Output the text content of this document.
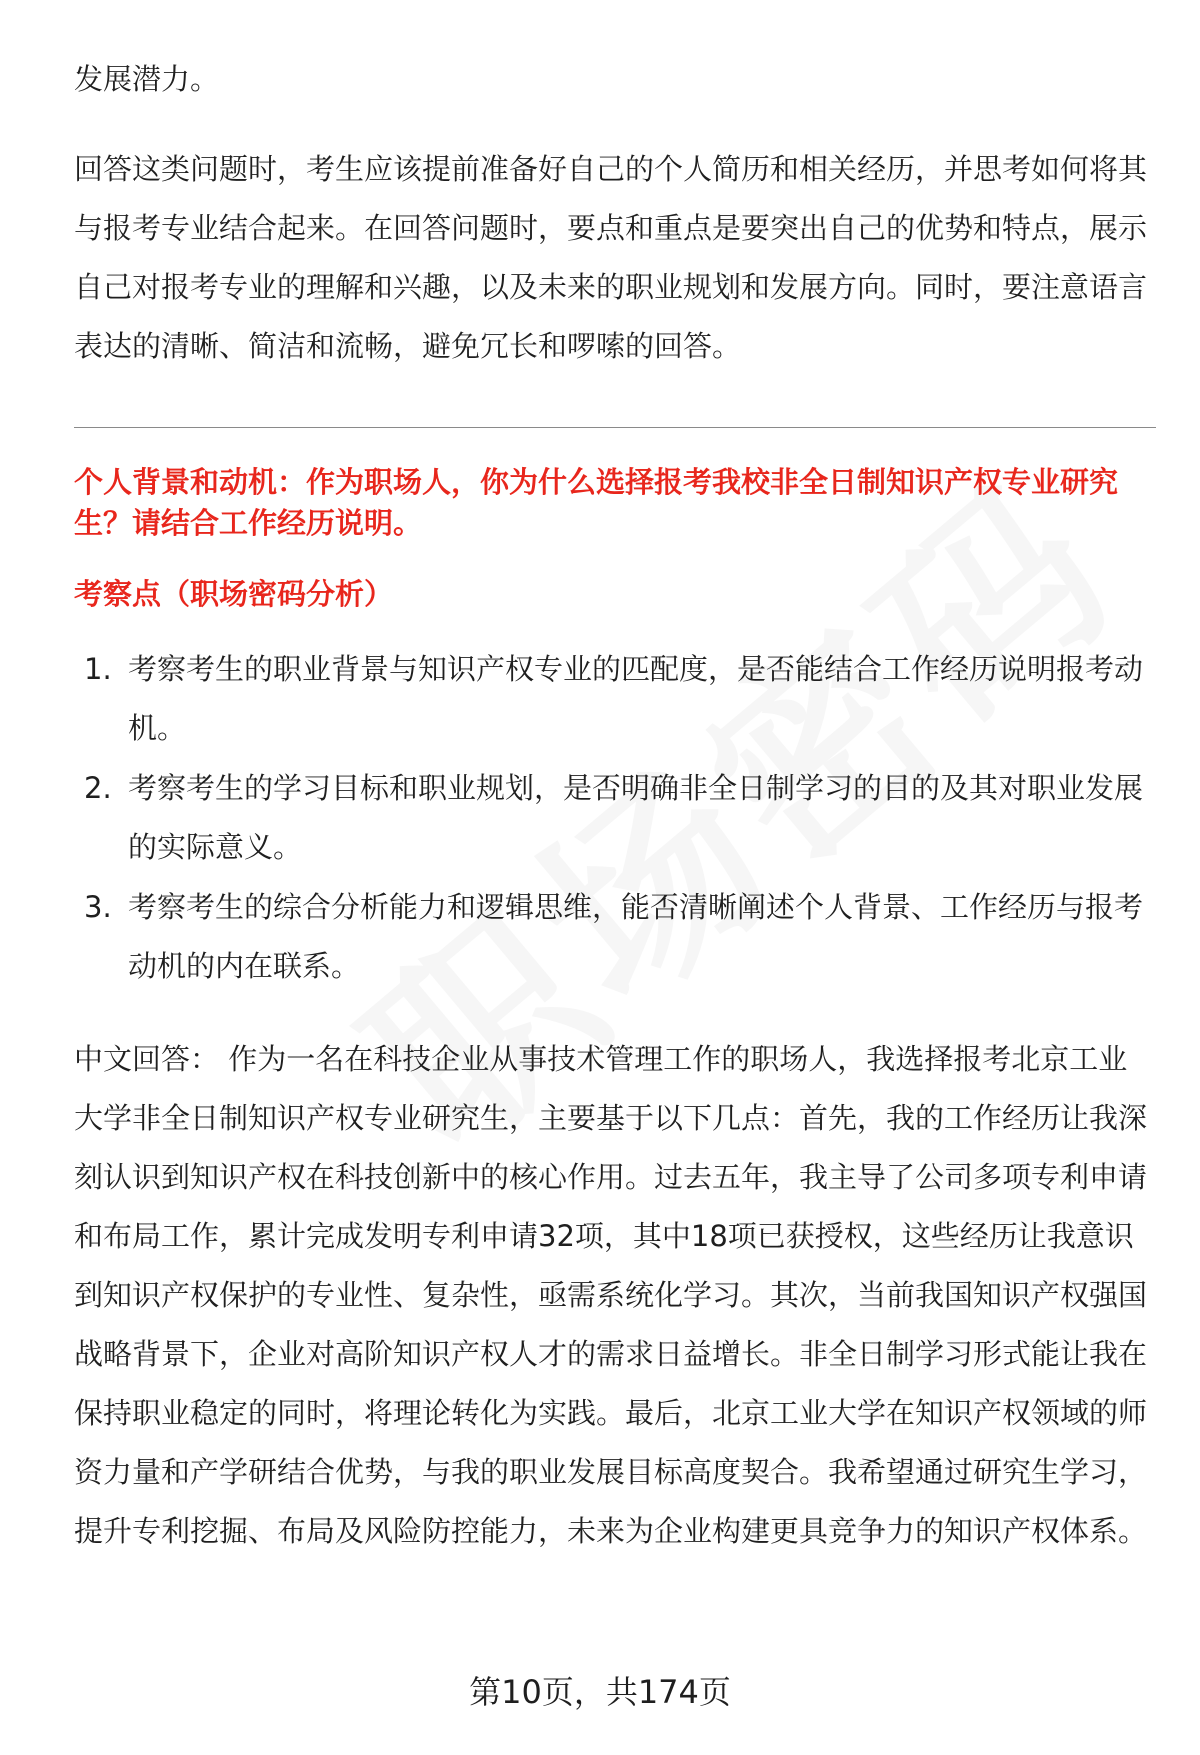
发展潜力。

回答这类问题时，考生应该提前准备好自己的个人简历和相关经历，并思考如何将其与报考专业结合起来。在回答问题时，要点和重点是要突出自己的优势和特点，展示自己对报考专业的理解和兴趣，以及未来的职业规划和发展方向。同时，要注意语言表达的清晰、简洁和流畅，避免冗长和啰嗦的回答。

个人背景和动机：作为职场人，你为什么选择报考我校非全日制知识产权专业研究生？请结合工作经历说明。

考察点（职场密码分析）

1. 考察考生的职业背景与知识产权专业的匹配度，是否能结合工作经历说明报考动机。
2. 考察考生的学习目标和职业规划，是否明确非全日制学习的目的及其对职业发展的实际意义。
3. 考察考生的综合分析能力和逻辑思维，能否清晰阐述个人背景、工作经历与报考动机的内在联系。

中文回答： 作为一名在科技企业从事技术管理工作的职场人，我选择报考北京工业大学非全日制知识产权专业研究生，主要基于以下几点：首先，我的工作经历让我深刻认识到知识产权在科技创新中的核心作用。过去五年，我主导了公司多项专利申请和布局工作，累计完成发明专利申请32项，其中18项已获授权，这些经历让我意识到知识产权保护的专业性、复杂性，亟需系统化学习。其次，当前我国知识产权强国战略背景下，企业对高阶知识产权人才的需求日益增长。非全日制学习形式能让我在保持职业稳定的同时，将理论转化为实践。最后，北京工业大学在知识产权领域的师资力量和产学研结合优势，与我的职业发展目标高度契合。我希望通过研究生学习，提升专利挖掘、布局及风险防控能力，未来为企业构建更具竞争力的知识产权体系。

第10页，共174页
